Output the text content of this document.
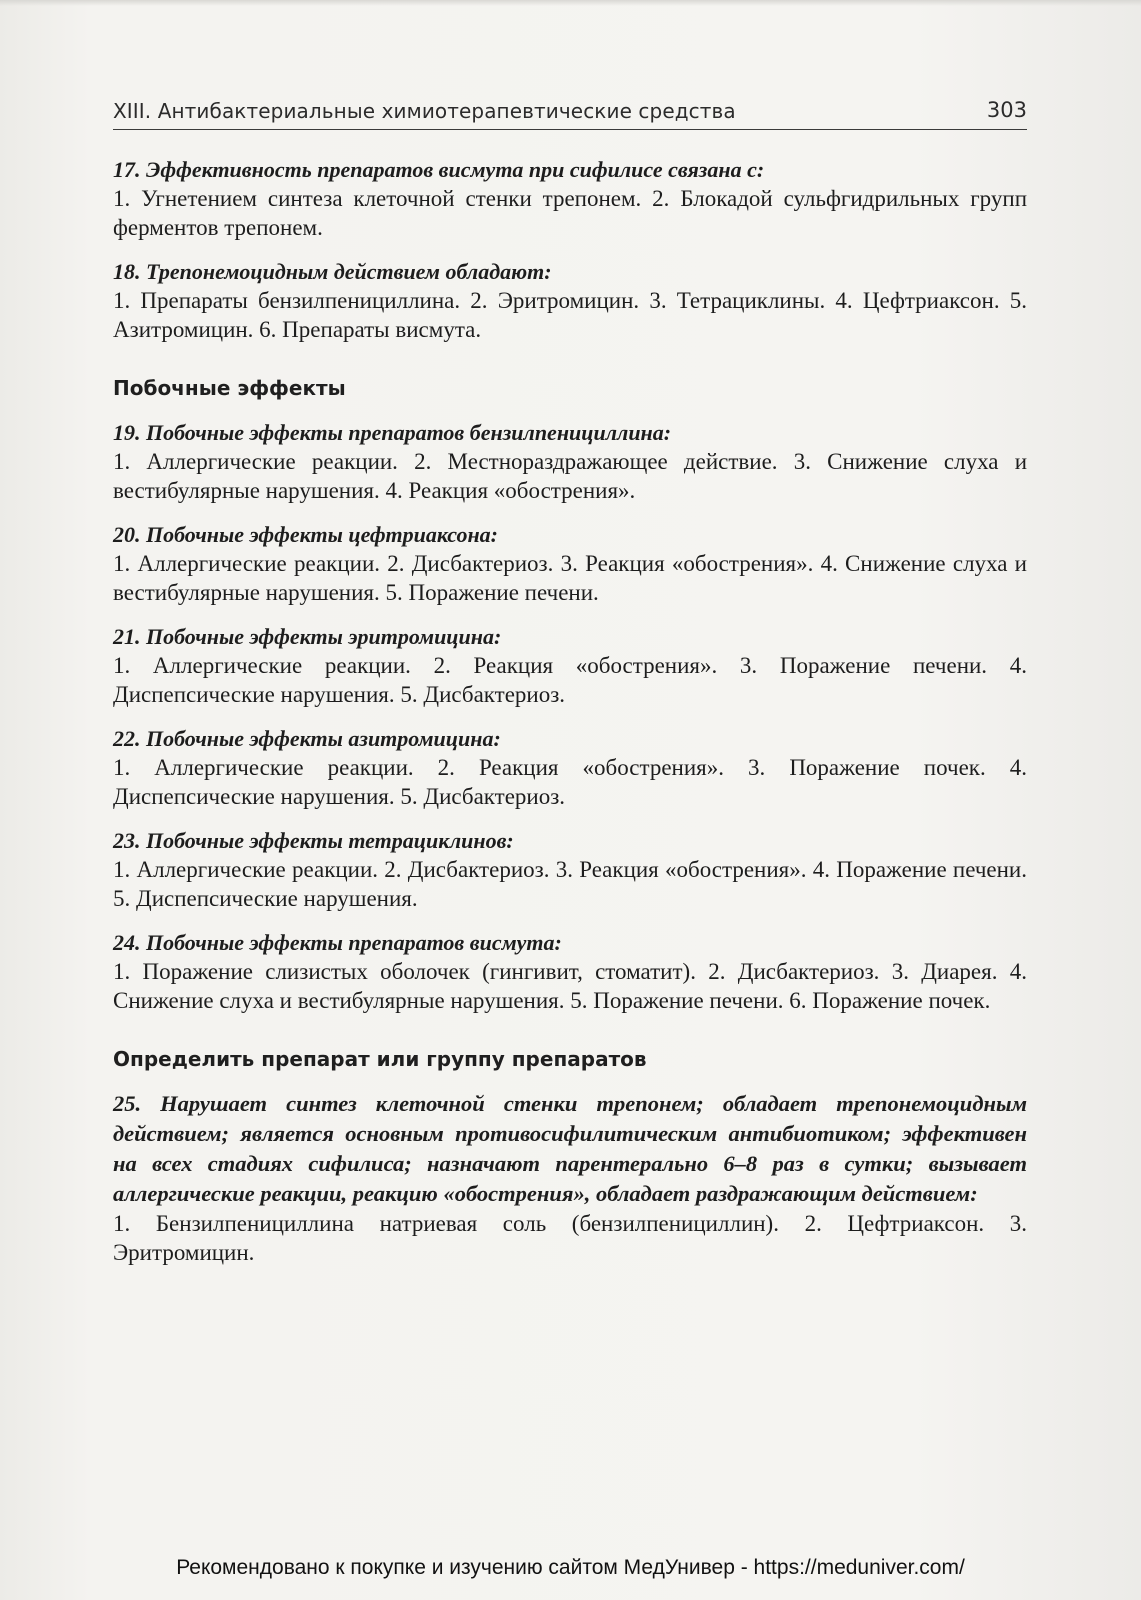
XIII. Антибактериальные химиотерапевтические средства	303
17. Эффективность препаратов висмута при сифилисе связана с:
1. Угнетением синтеза клеточной стенки трепонем. 2. Блокадой сульфгидрильных групп ферментов трепонем.
18. Трепонемоцидным действием обладают:
1. Препараты бензилпенициллина. 2. Эритромицин. 3. Тетрациклины. 4. Цефтриаксон. 5. Азитромицин. 6. Препараты висмута.
Побочные эффекты
19. Побочные эффекты препаратов бензилпенициллина:
1. Аллергические реакции. 2. Местнораздражающее действие. 3. Снижение слуха и вестибулярные нарушения. 4. Реакция «обострения».
20. Побочные эффекты цефтриаксона:
1. Аллергические реакции. 2. Дисбактериоз. 3. Реакция «обострения». 4. Снижение слуха и вестибулярные нарушения. 5. Поражение печени.
21. Побочные эффекты эритромицина:
1. Аллергические реакции. 2. Реакция «обострения». 3. Поражение печени. 4. Диспепсические нарушения. 5. Дисбактериоз.
22. Побочные эффекты азитромицина:
1. Аллергические реакции. 2. Реакция «обострения». 3. Поражение почек. 4. Диспепсические нарушения. 5. Дисбактериоз.
23. Побочные эффекты тетрациклинов:
1. Аллергические реакции. 2. Дисбактериоз. 3. Реакция «обострения». 4. Поражение печени. 5. Диспепсические нарушения.
24. Побочные эффекты препаратов висмута:
1. Поражение слизистых оболочек (гингивит, стоматит). 2. Дисбактериоз. 3. Диарея. 4. Снижение слуха и вестибулярные нарушения. 5. Поражение печени. 6. Поражение почек.
Определить препарат или группу препаратов
25. Нарушает синтез клеточной стенки трепонем; обладает трепонемоцидным действием; является основным противосифилитическим антибиотиком; эффективен на всех стадиях сифилиса; назначают парентерально 6–8 раз в сутки; вызывает аллергические реакции, реакцию «обострения», обладает раздражающим действием:
1. Бензилпенициллина натриевая соль (бензилпенициллин). 2. Цефтриаксон. 3. Эритромицин.
Рекомендовано к покупке и изучению сайтом МедУнивер - https://meduniver.com/
